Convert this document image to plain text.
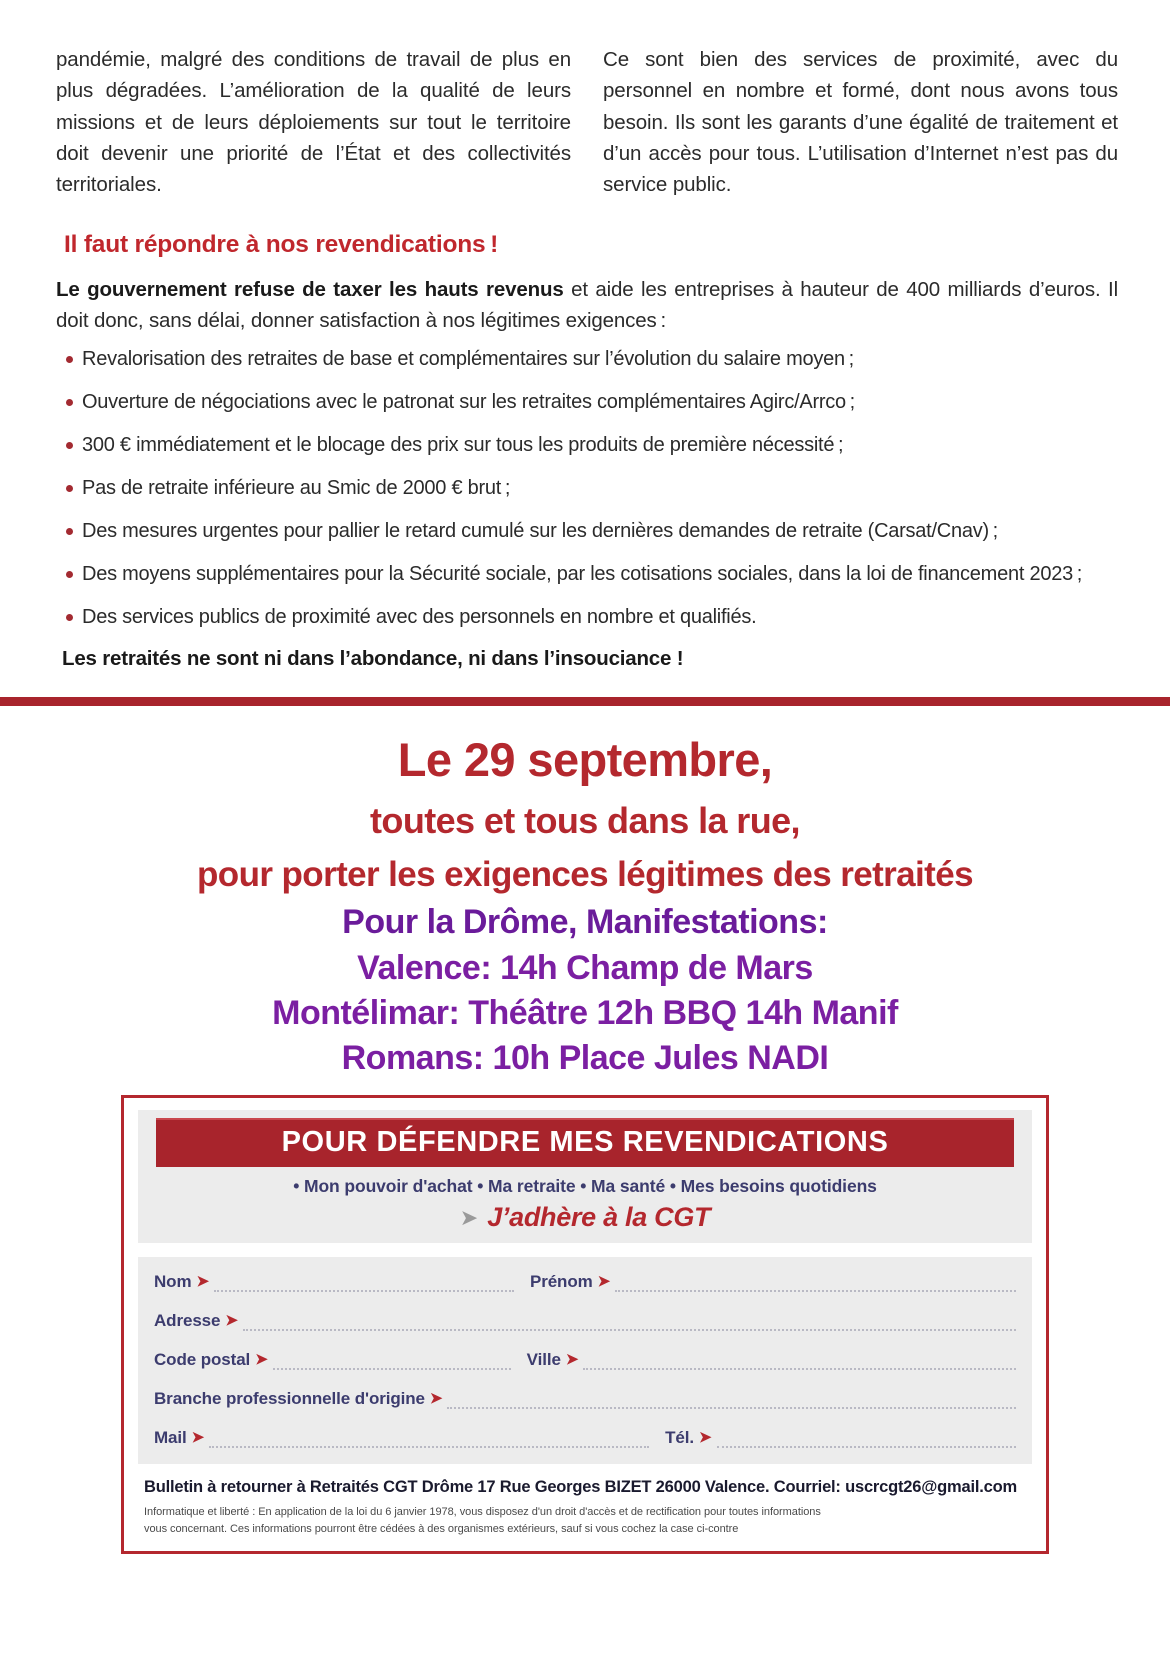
pandémie, malgré des conditions de travail de plus en plus dégradées. L’amélioration de la qualité de leurs missions et de leurs déploiements sur tout le territoire doit devenir une priorité de l’État et des collectivités territoriales.

Ce sont bien des services de proximité, avec du personnel en nombre et formé, dont nous avons tous besoin. Ils sont les garants d’une égalité de traitement et d’un accès pour tous. L’utilisation d’Internet n’est pas du service public.

Il faut répondre à nos revendications !

Le gouvernement refuse de taxer les hauts revenus et aide les entreprises à hauteur de 400 milliards d’euros. Il doit donc, sans délai, donner satisfaction à nos légitimes exigences :

Revalorisation des retraites de base et complémentaires sur l’évolution du salaire moyen ;
Ouverture de négociations avec le patronat sur les retraites complémentaires Agirc/Arrco ;
300 € immédiatement et le blocage des prix sur tous les produits de première nécessité ;
Pas de retraite inférieure au Smic de 2000 € brut ;
Des mesures urgentes pour pallier le retard cumulé sur les dernières demandes de retraite (Carsat/Cnav) ;
Des moyens supplémentaires pour la Sécurité sociale, par les cotisations sociales, dans la loi de financement 2023 ;
Des services publics de proximité avec des personnels en nombre et qualifiés.
Les retraités ne sont ni dans l’abondance, ni dans l’insouciance !
Le 29 septembre,
toutes et tous dans la rue,
pour porter les exigences légitimes des retraités
Pour la Drôme, Manifestations:
Valence: 14h Champ de Mars
Montélimar: Théâtre 12h BBQ 14h Manif
Romans: 10h Place Jules NADI
POUR DÉFENDRE MES REVENDICATIONS
• Mon pouvoir d'achat • Ma retraite • Ma santé • Mes besoins quotidiens
➤ J’adhère à la CGT
Nom ➤	Prénom ➤
Adresse ➤
Code postal ➤	Ville ➤
Branche professionnelle d'origine ➤
Mail ➤	Tél. ➤
Bulletin à retourner à Retraités CGT Drôme 17 Rue Georges BIZET 26000 Valence. Courriel: uscrcgt26@gmail.com
Informatique et liberté : En application de la loi du 6 janvier 1978, vous disposez d'un droit d'accès et de rectification pour toutes informations
vous concernant. Ces informations pourront être cédées à des organismes extérieurs, sauf si vous cochez la case ci-contre
